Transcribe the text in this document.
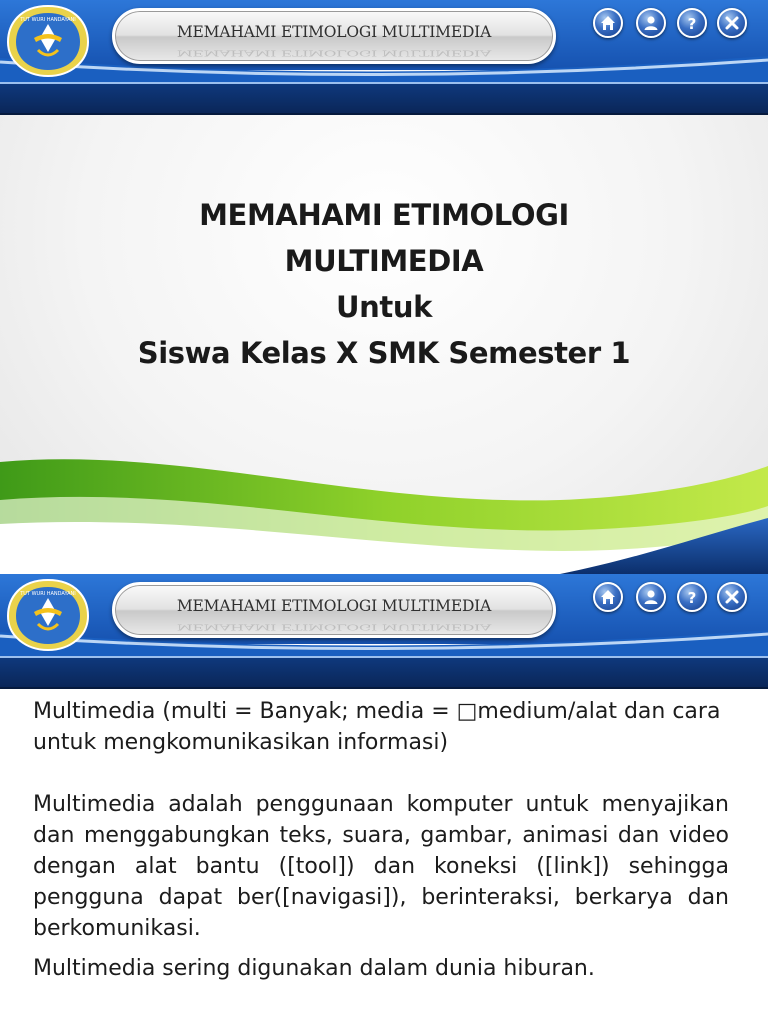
TUT WURI HANDAYANI
MEMAHAMI ETIMOLOGI MULTIMEDIA
MEMAHAMI ETIMOLOGI MULTIMEDIA
?
MEMAHAMI ETIMOLOGI
MULTIMEDIA
Untuk
Siswa Kelas X SMK Semester 1
TUT WURI HANDAYANI
MEMAHAMI ETIMOLOGI MULTIMEDIA
MEMAHAMI ETIMOLOGI MULTIMEDIA
?

Multimedia (multi = Banyak; media = □medium/alat dan cara untuk mengkomunikasikan informasi)

Multimedia adalah penggunaan komputer untuk menyajikan dan menggabungkan teks, suara, gambar, animasi dan video dengan alat bantu ([tool]) dan koneksi ([link]) sehingga pengguna dapat ber([navigasi]), berinteraksi, berkarya dan berkomunikasi.

Multimedia sering digunakan dalam dunia hiburan.
